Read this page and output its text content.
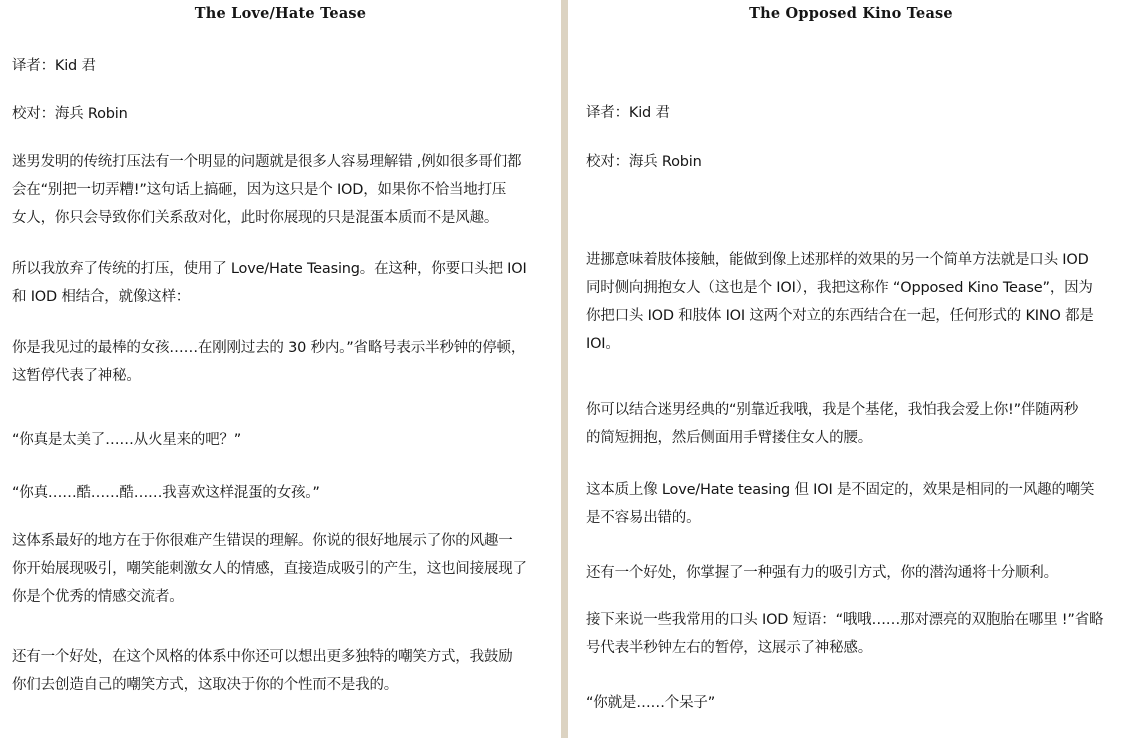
The Love/Hate Tease

译者：Kid 君

校对：海兵 Robin

迷男发明的传统打压法有一个明显的问题就是很多人容易理解错 ,例如很多哥们都
会在“别把一切弄糟!”这句话上搞砸，因为这只是个 IOD，如果你不恰当地打压
女人，你只会导致你们关系敌对化，此时你展现的只是混蛋本质而不是风趣。

所以我放弃了传统的打压，使用了 Love/Hate Teasing。在这种，你要口头把 IOI
和 IOD 相结合，就像这样：

你是我见过的最棒的女孩……在刚刚过去的 30 秒内。”省略号表示半秒钟的停顿，
这暂停代表了神秘。

“你真是太美了……从火星来的吧？”

“你真……酷……酷……我喜欢这样混蛋的女孩。”

这体系最好的地方在于你很难产生错误的理解。你说的很好地展示了你的风趣一
你开始展现吸引，嘲笑能刺激女人的情感，直接造成吸引的产生，这也间接展现了
你是个优秀的情感交流者。

还有一个好处，在这个风格的体系中你还可以想出更多独特的嘲笑方式，我鼓励
你们去创造自己的嘲笑方式，这取决于你的个性而不是我的。

The Opposed Kino Tease

译者：Kid 君

校对：海兵 Robin

进挪意味着肢体接触，能做到像上述那样的效果的另一个简单方法就是口头 IOD
同时侧向拥抱女人（这也是个 IOI），我把这称作 “Opposed Kino Tease”，因为
你把口头 IOD 和肢体 IOI 这两个对立的东西结合在一起，任何形式的 KINO 都是
IOI。

你可以结合迷男经典的“别靠近我哦，我是个基佬，我怕我会爱上你!”伴随两秒
的简短拥抱，然后侧面用手臂搂住女人的腰。

这本质上像 Love/Hate teasing 但 IOI 是不固定的，效果是相同的一风趣的嘲笑
是不容易出错的。

还有一个好处，你掌握了一种强有力的吸引方式，你的潜沟通将十分顺利。

接下来说一些我常用的口头 IOD 短语：“哦哦……那对漂亮的双胞胎在哪里 !”省略
号代表半秒钟左右的暂停，这展示了神秘感。

“你就是……个呆子”
